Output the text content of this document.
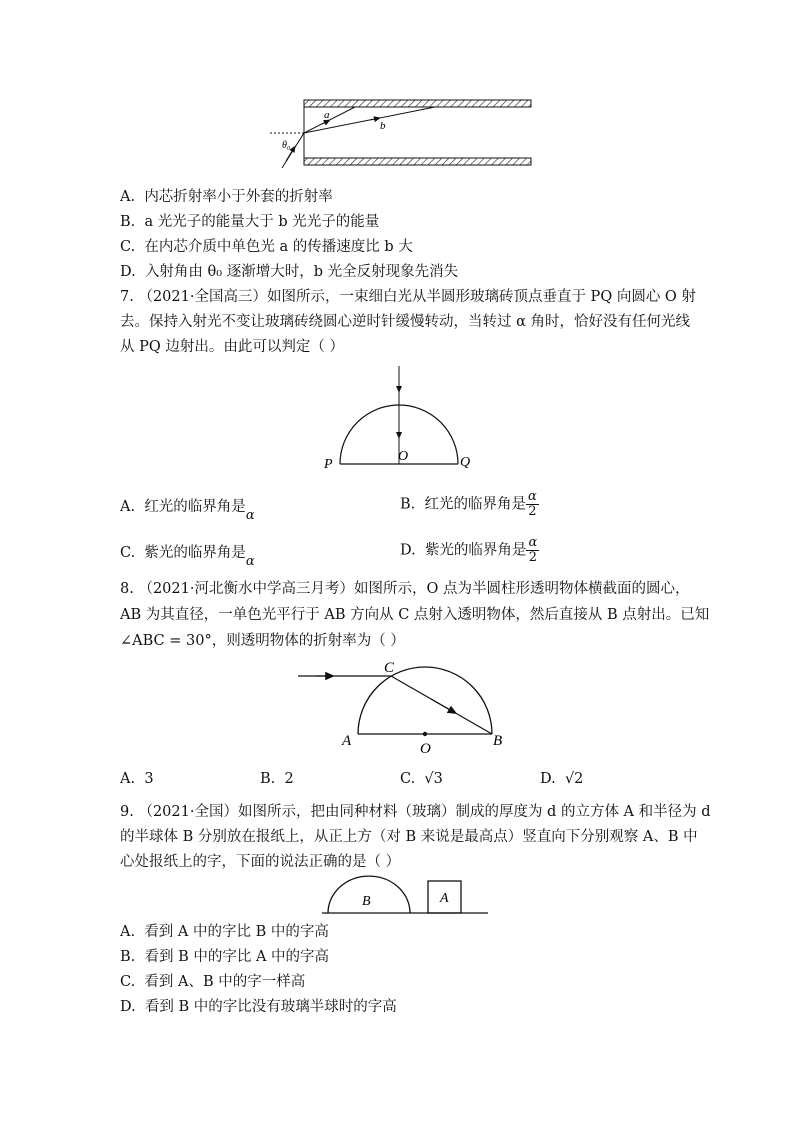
a
b
θ₀
A. 内芯折射率小于外套的折射率
B. a 光光子的能量大于 b 光光子的能量
C. 在内芯介质中单色光 a 的传播速度比 b 大
D. 入射角由 θ₀ 逐渐增大时，b 光全反射现象先消失
7. （2021·全国高三）如图所示，一束细白光从半圆形玻璃砖顶点垂直于 PQ 向圆心 O 射
去。保持入射光不变让玻璃砖绕圆心逆时针缓慢转动，当转过 α 角时，恰好没有任何光线
从 PQ 边射出。由此可以判定（ ）
P
O	Q
A. 红光的临界角是α
B. 红光的临界角是 $\frac{\alpha}{2}$
C. 紫光的临界角是α
D. 紫光的临界角是 $\frac{\alpha}{2}$
8. （2021·河北衡水中学高三月考）如图所示，O 点为半圆柱形透明物体横截面的圆心，
AB 为其直径，一单色光平行于 AB 方向从 C 点射入透明物体，然后直接从 B 点射出。已知
∠ABC = 30°，则透明物体的折射率为（ ）
A	B
C
O
A. 3	B. 2	C. √3	D. √2
9. （2021·全国）如图所示，把由同种材料（玻璃）制成的厚度为 d 的立方体 A 和半径为 d
的半球体 B 分别放在报纸上，从正上方（对 B 来说是最高点）竖直向下分别观察 A、B 中
心处报纸上的字，下面的说法正确的是（ ）
B	A
A. 看到 A 中的字比 B 中的字高
B. 看到 B 中的字比 A 中的字高
C. 看到 A、B 中的字一样高
D. 看到 B 中的字比没有玻璃半球时的字高
